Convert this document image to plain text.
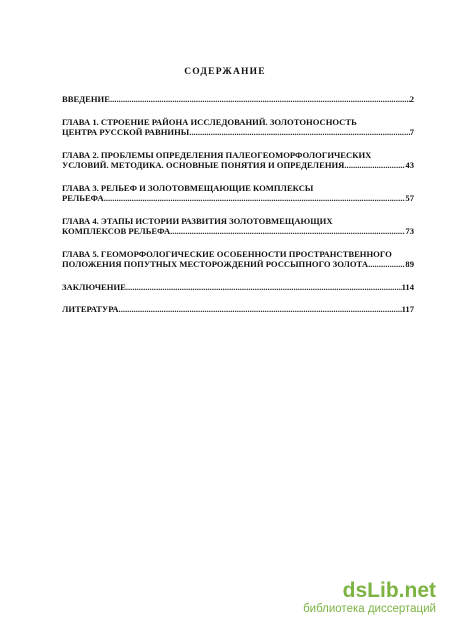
СОДЕРЖАНИЕ
ВВЕДЕНИЕ .....	2
ГЛАВА 1. СТРОЕНИЕ РАЙОНА ИССЛЕДОВАНИЙ. ЗОЛОТОНОСНОСТЬ
ЦЕНТРА РУССКОЙ РАВНИНЫ .....	7
ГЛАВА 2. ПРОБЛЕМЫ ОПРЕДЕЛЕНИЯ ПАЛЕОГЕОМОРФОЛОГИЧЕСКИХ
УСЛОВИЙ. МЕТОДИКА. ОСНОВНЫЕ ПОНЯТИЯ И ОПРЕДЕЛЕНИЯ .....	43
ГЛАВА 3. РЕЛЬЕФ И ЗОЛОТОВМЕЩАЮЩИЕ КОМПЛЕКСЫ
РЕЛЬЕФА .....	57
ГЛАВА 4. ЭТАПЫ ИСТОРИИ РАЗВИТИЯ ЗОЛОТОВМЕЩАЮЩИХ
КОМПЛЕКСОВ РЕЛЬЕФА .....	73
ГЛАВА 5. ГЕОМОРФОЛОГИЧЕСКИЕ ОСОБЕННОСТИ ПРОСТРАНСТВЕННОГО
ПОЛОЖЕНИЯ ПОПУТНЫХ МЕСТОРОЖДЕНИЙ РОССЫПНОГО ЗОЛОТА .....	89
ЗАКЛЮЧЕНИЕ .....	114
ЛИТЕРАТУРА .....	117
dsLib.net
библиотека диссертаций
